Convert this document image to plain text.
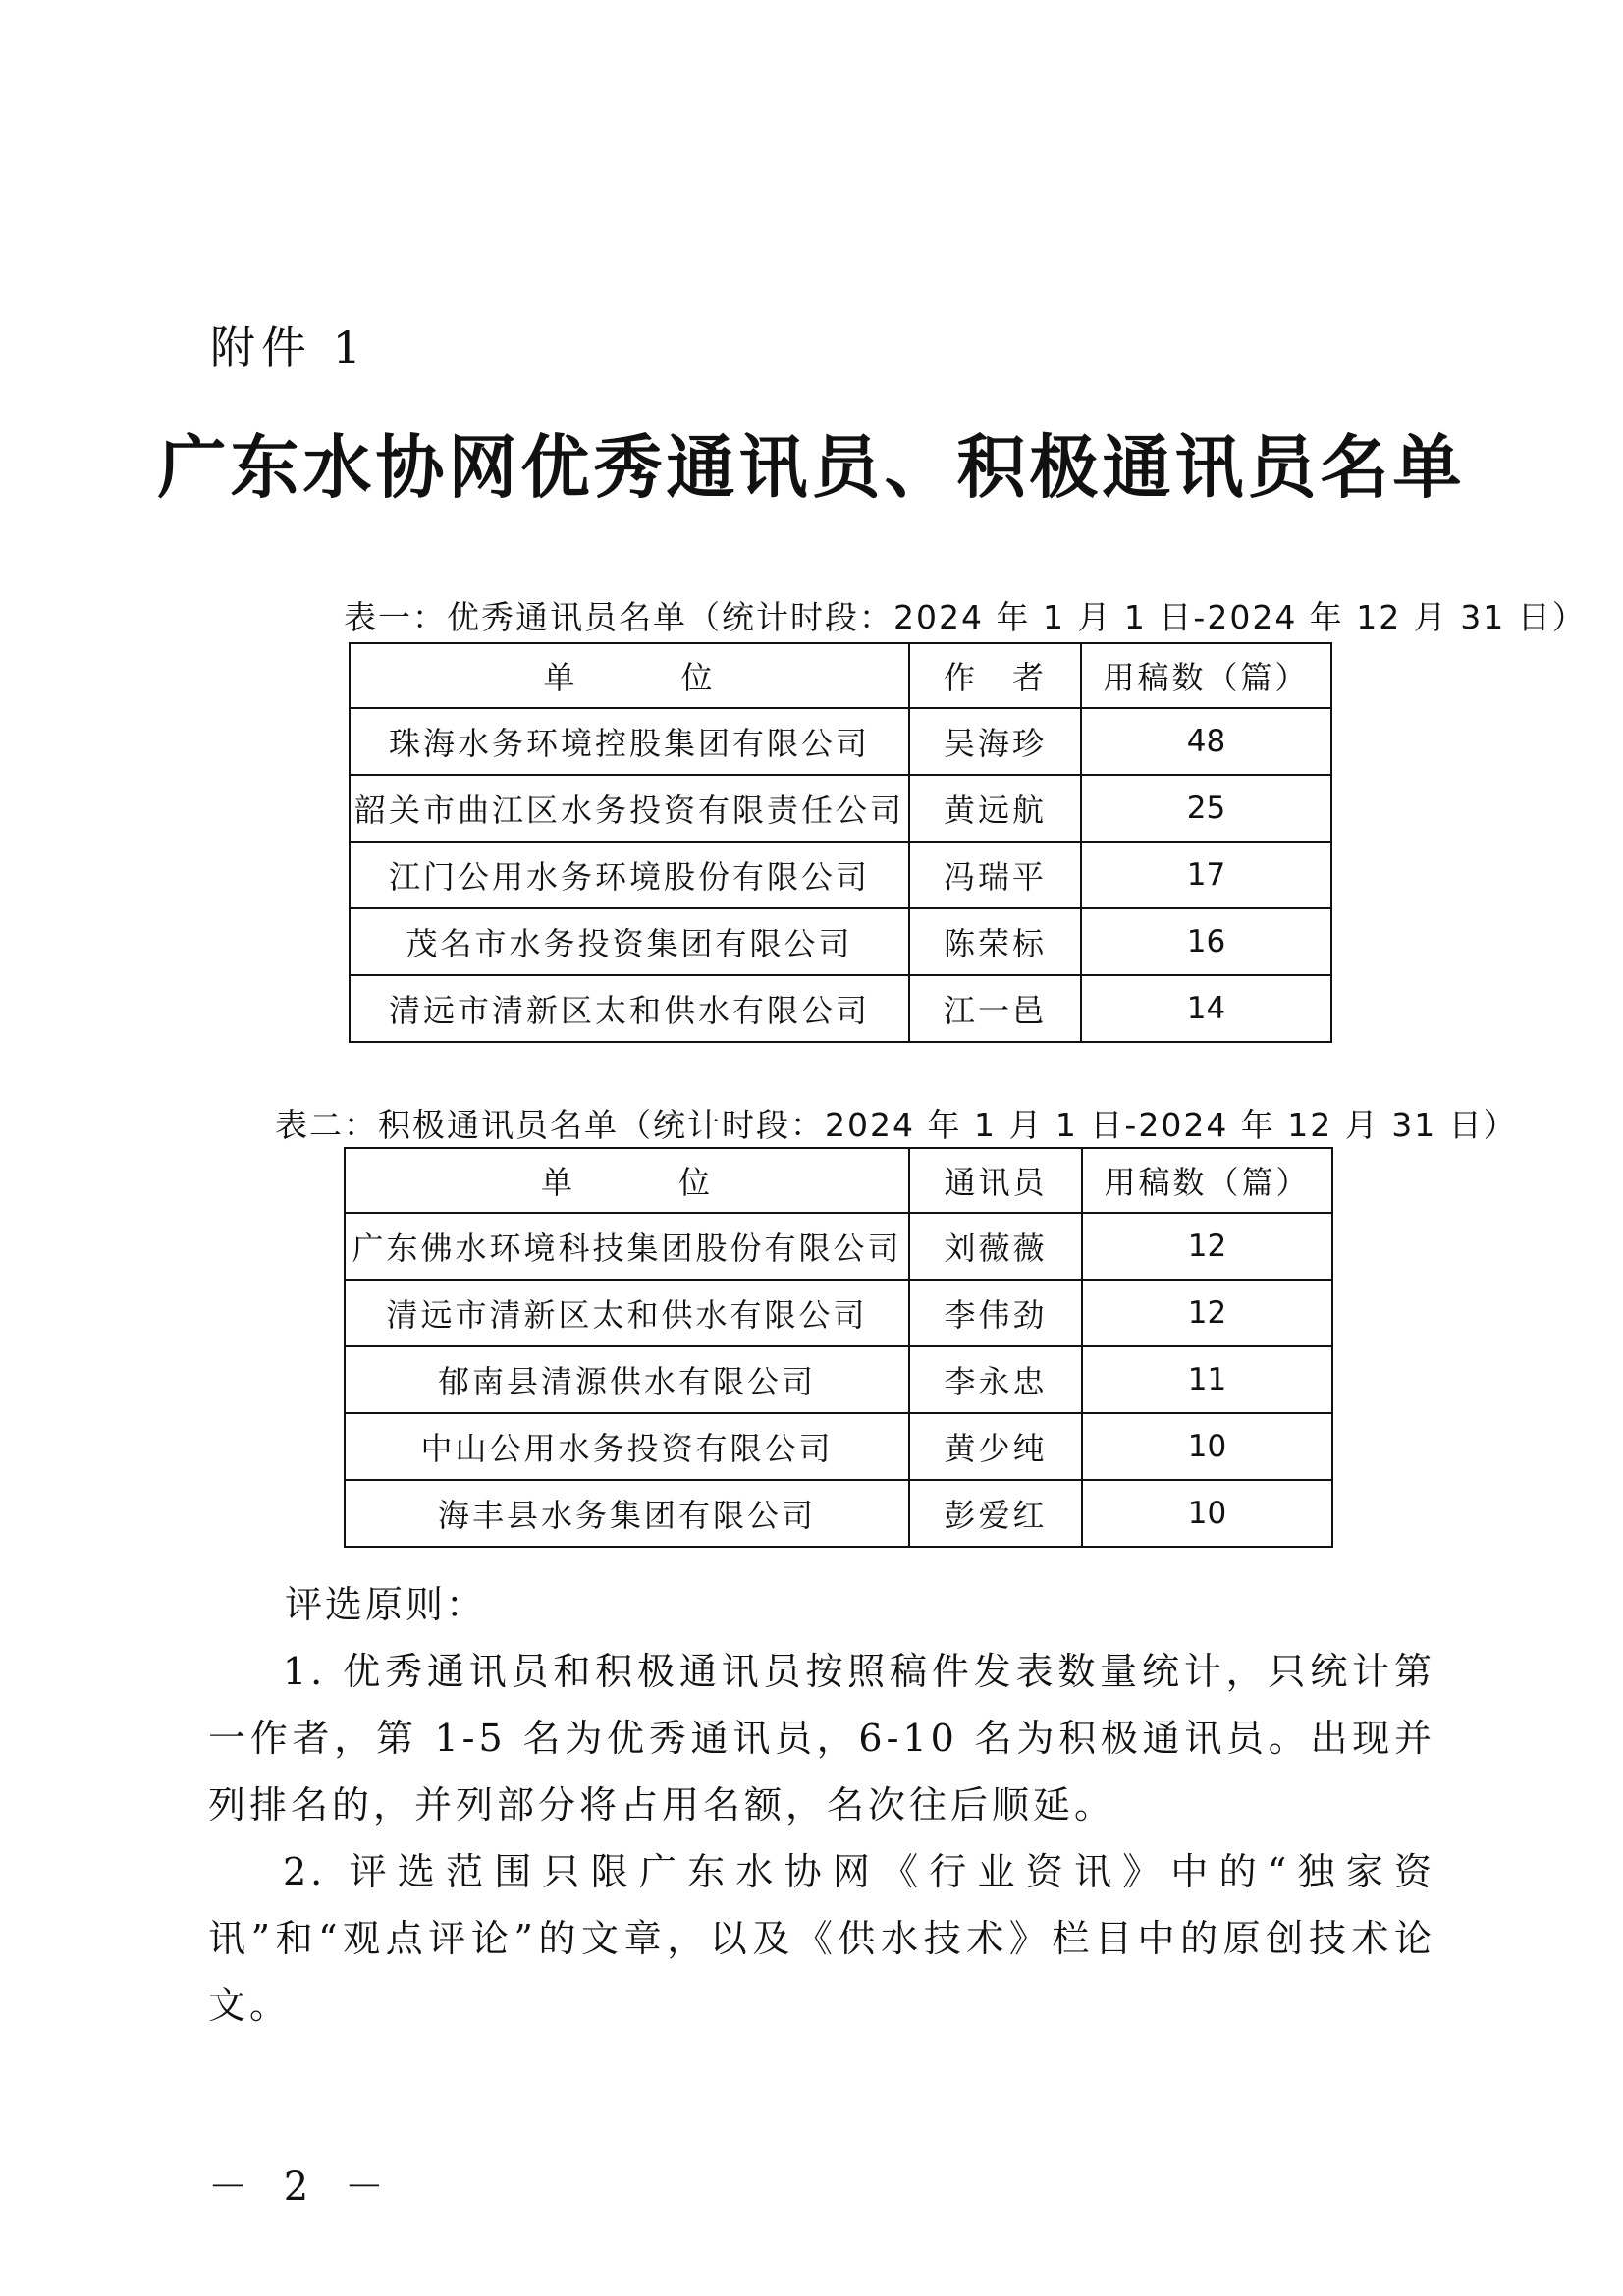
附件 1
广东水协网优秀通讯员、积极通讯员名单
表一：优秀通讯员名单（统计时段：2024 年 1 月 1 日-2024 年 12 月 31 日）
单　　　位	作　者	用稿数（篇）
珠海水务环境控股集团有限公司	吴海珍	48
韶关市曲江区水务投资有限责任公司	黄远航	25
江门公用水务环境股份有限公司	冯瑞平	17
茂名市水务投资集团有限公司	陈荣标	16
清远市清新区太和供水有限公司	江一邑	14
表二：积极通讯员名单（统计时段：2024 年 1 月 1 日-2024 年 12 月 31 日）
单　　　位	通讯员	用稿数（篇）
广东佛水环境科技集团股份有限公司	刘薇薇	12
清远市清新区太和供水有限公司	李伟劲	12
郁南县清源供水有限公司	李永忠	11
中山公用水务投资有限公司	黄少纯	10
海丰县水务集团有限公司	彭爱红	10
评选原则：

1. 优秀通讯员和积极通讯员按照稿件发表数量统计，只统计第一作者，第 1-5 名为优秀通讯员，6-10 名为积极通讯员。出现并列排名的，并列部分将占用名额，名次往后顺延。

2. 评选范围只限广东水协网《行业资讯》中的“独家资讯”和“观点评论”的文章，以及《供水技术》栏目中的原创技术论文。

－ 2 －
